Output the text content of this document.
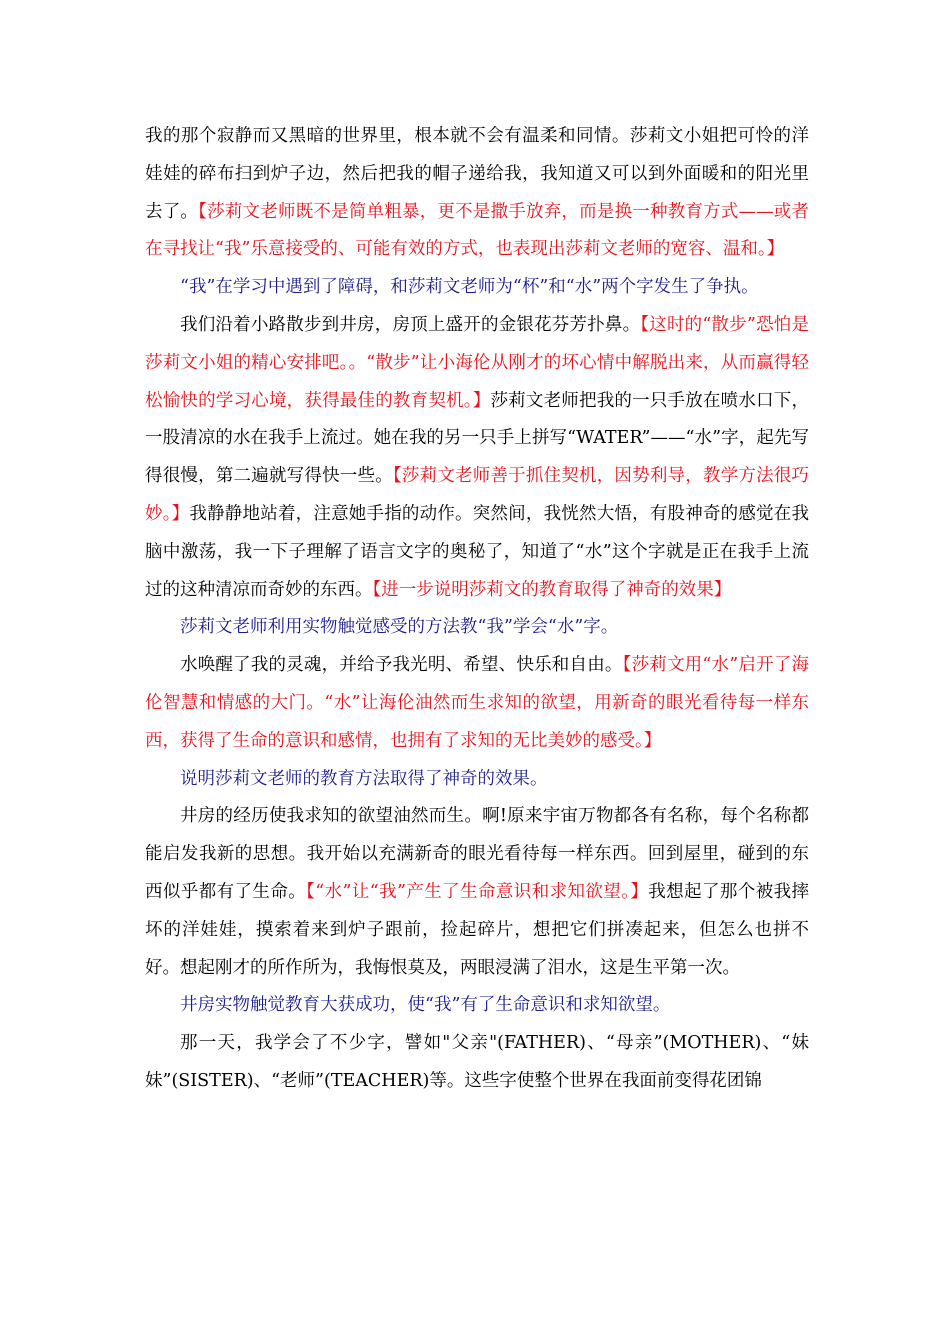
我的那个寂静而又黑暗的世界里，根本就不会有温柔和同情。莎莉文小姐把可怜的洋娃娃的碎布扫到炉子边，然后把我的帽子递给我，我知道又可以到外面暖和的阳光里去了。【莎莉文老师既不是简单粗暴，更不是撒手放弃，而是换一种教育方式——或者在寻找让“我”乐意接受的、可能有效的方式，也表现出莎莉文老师的宽容、温和。】

“我”在学习中遇到了障碍，和莎莉文老师为“杯”和“水”两个字发生了争执。

我们沿着小路散步到井房，房顶上盛开的金银花芬芳扑鼻。【这时的“散步”恐怕是莎莉文小姐的精心安排吧。。“散步”让小海伦从刚才的坏心情中解脱出来，从而赢得轻松愉快的学习心境，获得最佳的教育契机。】莎莉文老师把我的一只手放在喷水口下，一股清凉的水在我手上流过。她在我的另一只手上拼写“WATER”——“水”字，起先写得很慢，第二遍就写得快一些。【莎莉文老师善于抓住契机，因势利导，教学方法很巧妙。】我静静地站着，注意她手指的动作。突然间，我恍然大悟，有股神奇的感觉在我脑中激荡，我一下子理解了语言文字的奥秘了，知道了“水”这个字就是正在我手上流过的这种清凉而奇妙的东西。【进一步说明莎莉文的教育取得了神奇的效果】

莎莉文老师利用实物触觉感受的方法教“我”学会“水”字。

水唤醒了我的灵魂，并给予我光明、希望、快乐和自由。【莎莉文用“水”启开了海伦智慧和情感的大门。“水”让海伦油然而生求知的欲望，用新奇的眼光看待每一样东西，获得了生命的意识和感情，也拥有了求知的无比美妙的感受。】

说明莎莉文老师的教育方法取得了神奇的效果。

井房的经历使我求知的欲望油然而生。啊!原来宇宙万物都各有名称，每个名称都能启发我新的思想。我开始以充满新奇的眼光看待每一样东西。回到屋里，碰到的东西似乎都有了生命。【“水”让“我”产生了生命意识和求知欲望。】我想起了那个被我摔坏的洋娃娃，摸索着来到炉子跟前，捡起碎片，想把它们拼凑起来，但怎么也拼不好。想起刚才的所作所为，我悔恨莫及，两眼浸满了泪水，这是生平第一次。

井房实物触觉教育大获成功，使“我”有了生命意识和求知欲望。

那一天，我学会了不少字，譬如"父亲"(FATHER)、“母亲”(MOTHER)、“妹妹”(SISTER)、“老师”(TEACHER)等。这些字使整个世界在我面前变得花团锦
